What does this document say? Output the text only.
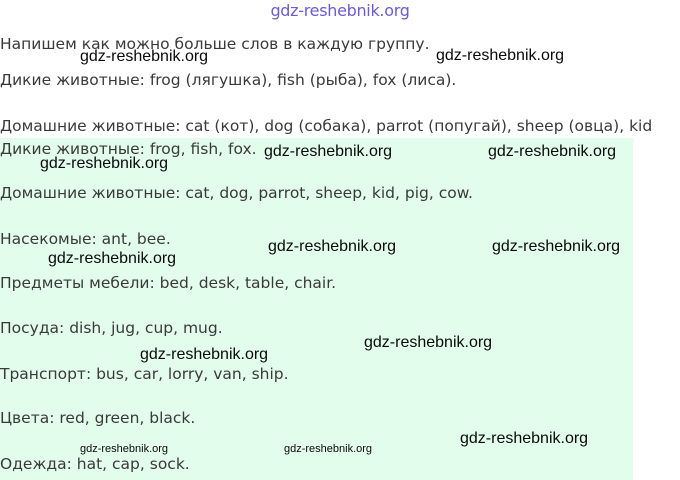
gdz-reshebnik.org
Напишем как можно больше слов в каждую группу.
Дикие животные: frog (лягушка), fish (рыба), fox (лиса).
Домашние животные: cat (кот), dog (собака), parrot (попугай), sheep (овца), kid
Дикие животные: frog, fish, fox.
Домашние животные: cat, dog, parrot, sheep, kid, pig, cow.
Насекомые: ant, bee.
Предметы мебели: bed, desk, table, chair.
Посуда: dish, jug, cup, mug.
Транспорт: bus, car, lorry, van, ship.
Цвета: red, green, black.
Одежда: hat, cap, sock.
gdz-reshebnik.org	gdz-reshebnik.org
gdz-reshebnik.org	gdz-reshebnik.org
gdz-reshebnik.org
gdz-reshebnik.org	gdz-reshebnik.org
gdz-reshebnik.org
gdz-reshebnik.org
gdz-reshebnik.org
gdz-reshebnik.org
gdz-reshebnik.org	gdz-reshebnik.org
